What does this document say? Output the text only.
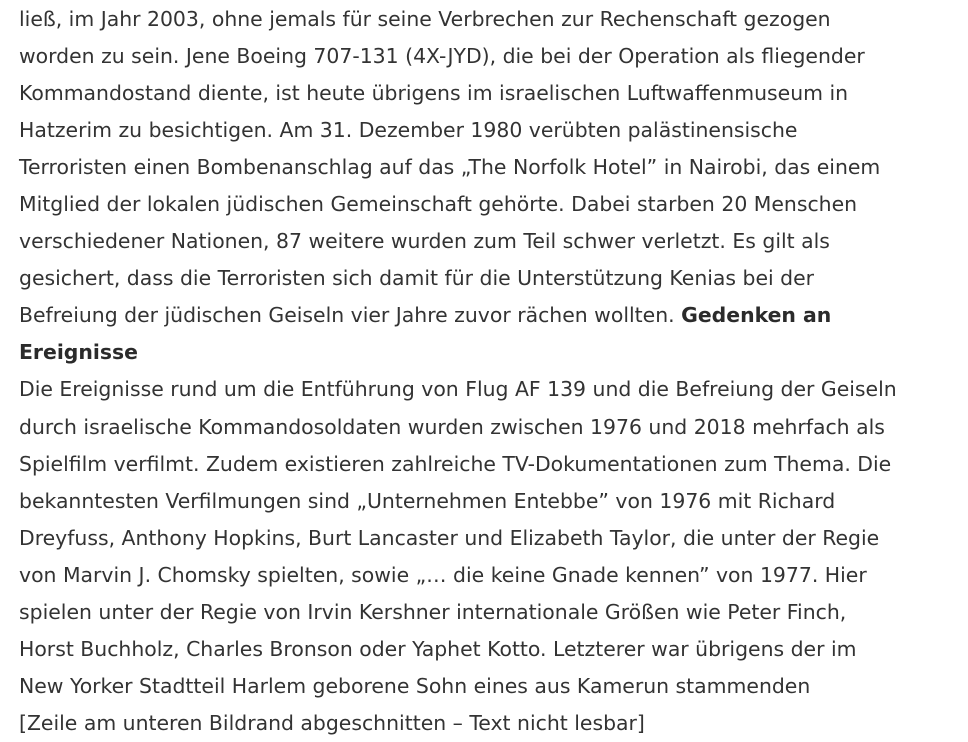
ließ, im Jahr 2003, ohne jemals für seine Verbrechen zur Rechenschaft gezogen
worden zu sein. Jene Boeing 707-131 (4X-JYD), die bei der Operation als fliegender
Kommandostand diente, ist heute übrigens im israelischen Luftwaffenmuseum in
Hatzerim zu besichtigen. Am 31. Dezember 1980 verübten palästinensische
Terroristen einen Bombenanschlag auf das „The Norfolk Hotel” in Nairobi, das einem
Mitglied der lokalen jüdischen Gemeinschaft gehörte. Dabei starben 20 Menschen
verschiedener Nationen, 87 weitere wurden zum Teil schwer verletzt. Es gilt als
gesichert, dass die Terroristen sich damit für die Unterstützung Kenias bei der
Befreiung der jüdischen Geiseln vier Jahre zuvor rächen wollten. Gedenken an
Ereignisse
Die Ereignisse rund um die Entführung von Flug AF 139 und die Befreiung der Geiseln
durch israelische Kommandosoldaten wurden zwischen 1976 und 2018 mehrfach als
Spielfilm verfilmt. Zudem existieren zahlreiche TV-Dokumentationen zum Thema. Die
bekanntesten Verfilmungen sind „Unternehmen Entebbe” von 1976 mit Richard
Dreyfuss, Anthony Hopkins, Burt Lancaster und Elizabeth Taylor, die unter der Regie
von Marvin J. Chomsky spielten, sowie „… die keine Gnade kennen” von 1977. Hier
spielen unter der Regie von Irvin Kershner internationale Größen wie Peter Finch,
Horst Buchholz, Charles Bronson oder Yaphet Kotto. Letzterer war übrigens der im
New Yorker Stadtteil Harlem geborene Sohn eines aus Kamerun stammenden
[Zeile am unteren Bildrand abgeschnitten – Text nicht lesbar]
